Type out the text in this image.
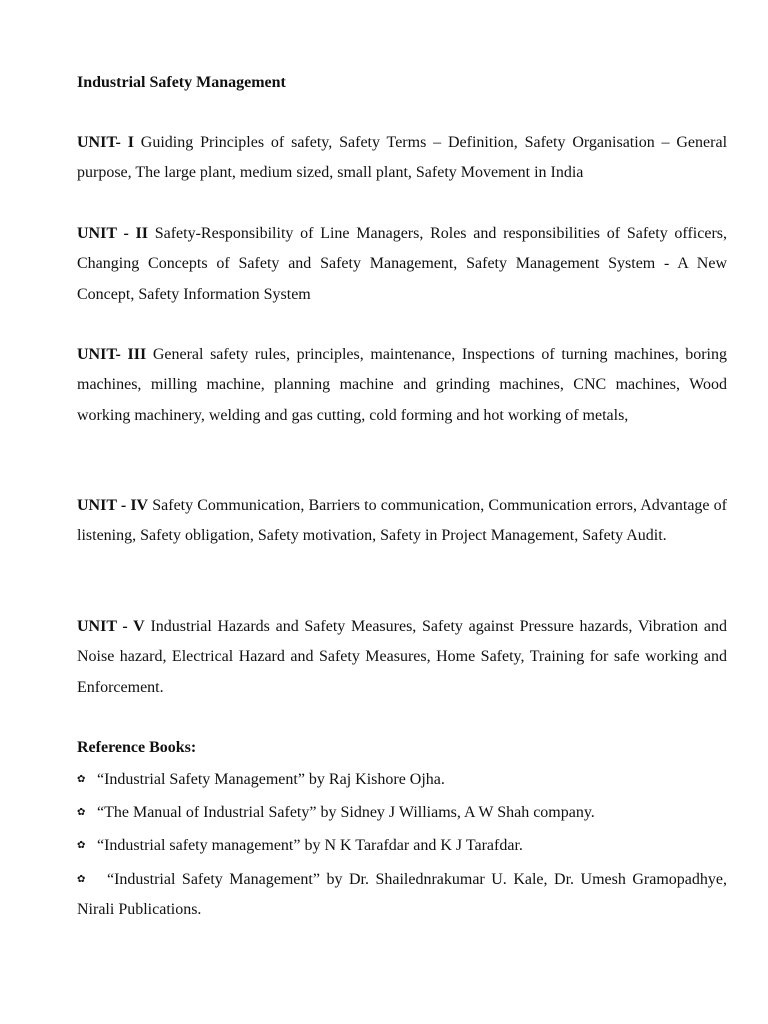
Industrial Safety Management

UNIT- I Guiding Principles of safety, Safety Terms – Definition, Safety Organisation – General purpose, The large plant, medium sized, small plant, Safety Movement in India

UNIT - II Safety-Responsibility of Line Managers, Roles and responsibilities of Safety officers, Changing Concepts of Safety and Safety Management, Safety Management System - A New Concept, Safety Information System

UNIT- III General safety rules, principles, maintenance, Inspections of turning machines, boring machines, milling machine, planning machine and grinding machines, CNC machines, Wood working machinery, welding and gas cutting, cold forming and hot working of metals,

UNIT - IV Safety Communication, Barriers to communication, Communication errors, Advantage of listening, Safety obligation, Safety motivation, Safety in Project Management, Safety Audit.

UNIT - V Industrial Hazards and Safety Measures, Safety against Pressure hazards, Vibration and Noise hazard, Electrical Hazard and Safety Measures, Home Safety, Training for safe working and Enforcement.

Reference Books:

✿ “Industrial Safety Management” by Raj Kishore Ojha.
✿ “The Manual of Industrial Safety” by Sidney J Williams, A W Shah company.
✿ “Industrial safety management” by N K Tarafdar and K J Tarafdar.
✿ “Industrial Safety Management” by Dr. Shailednrakumar U. Kale, Dr. Umesh Gramopadhye, Nirali Publications.
